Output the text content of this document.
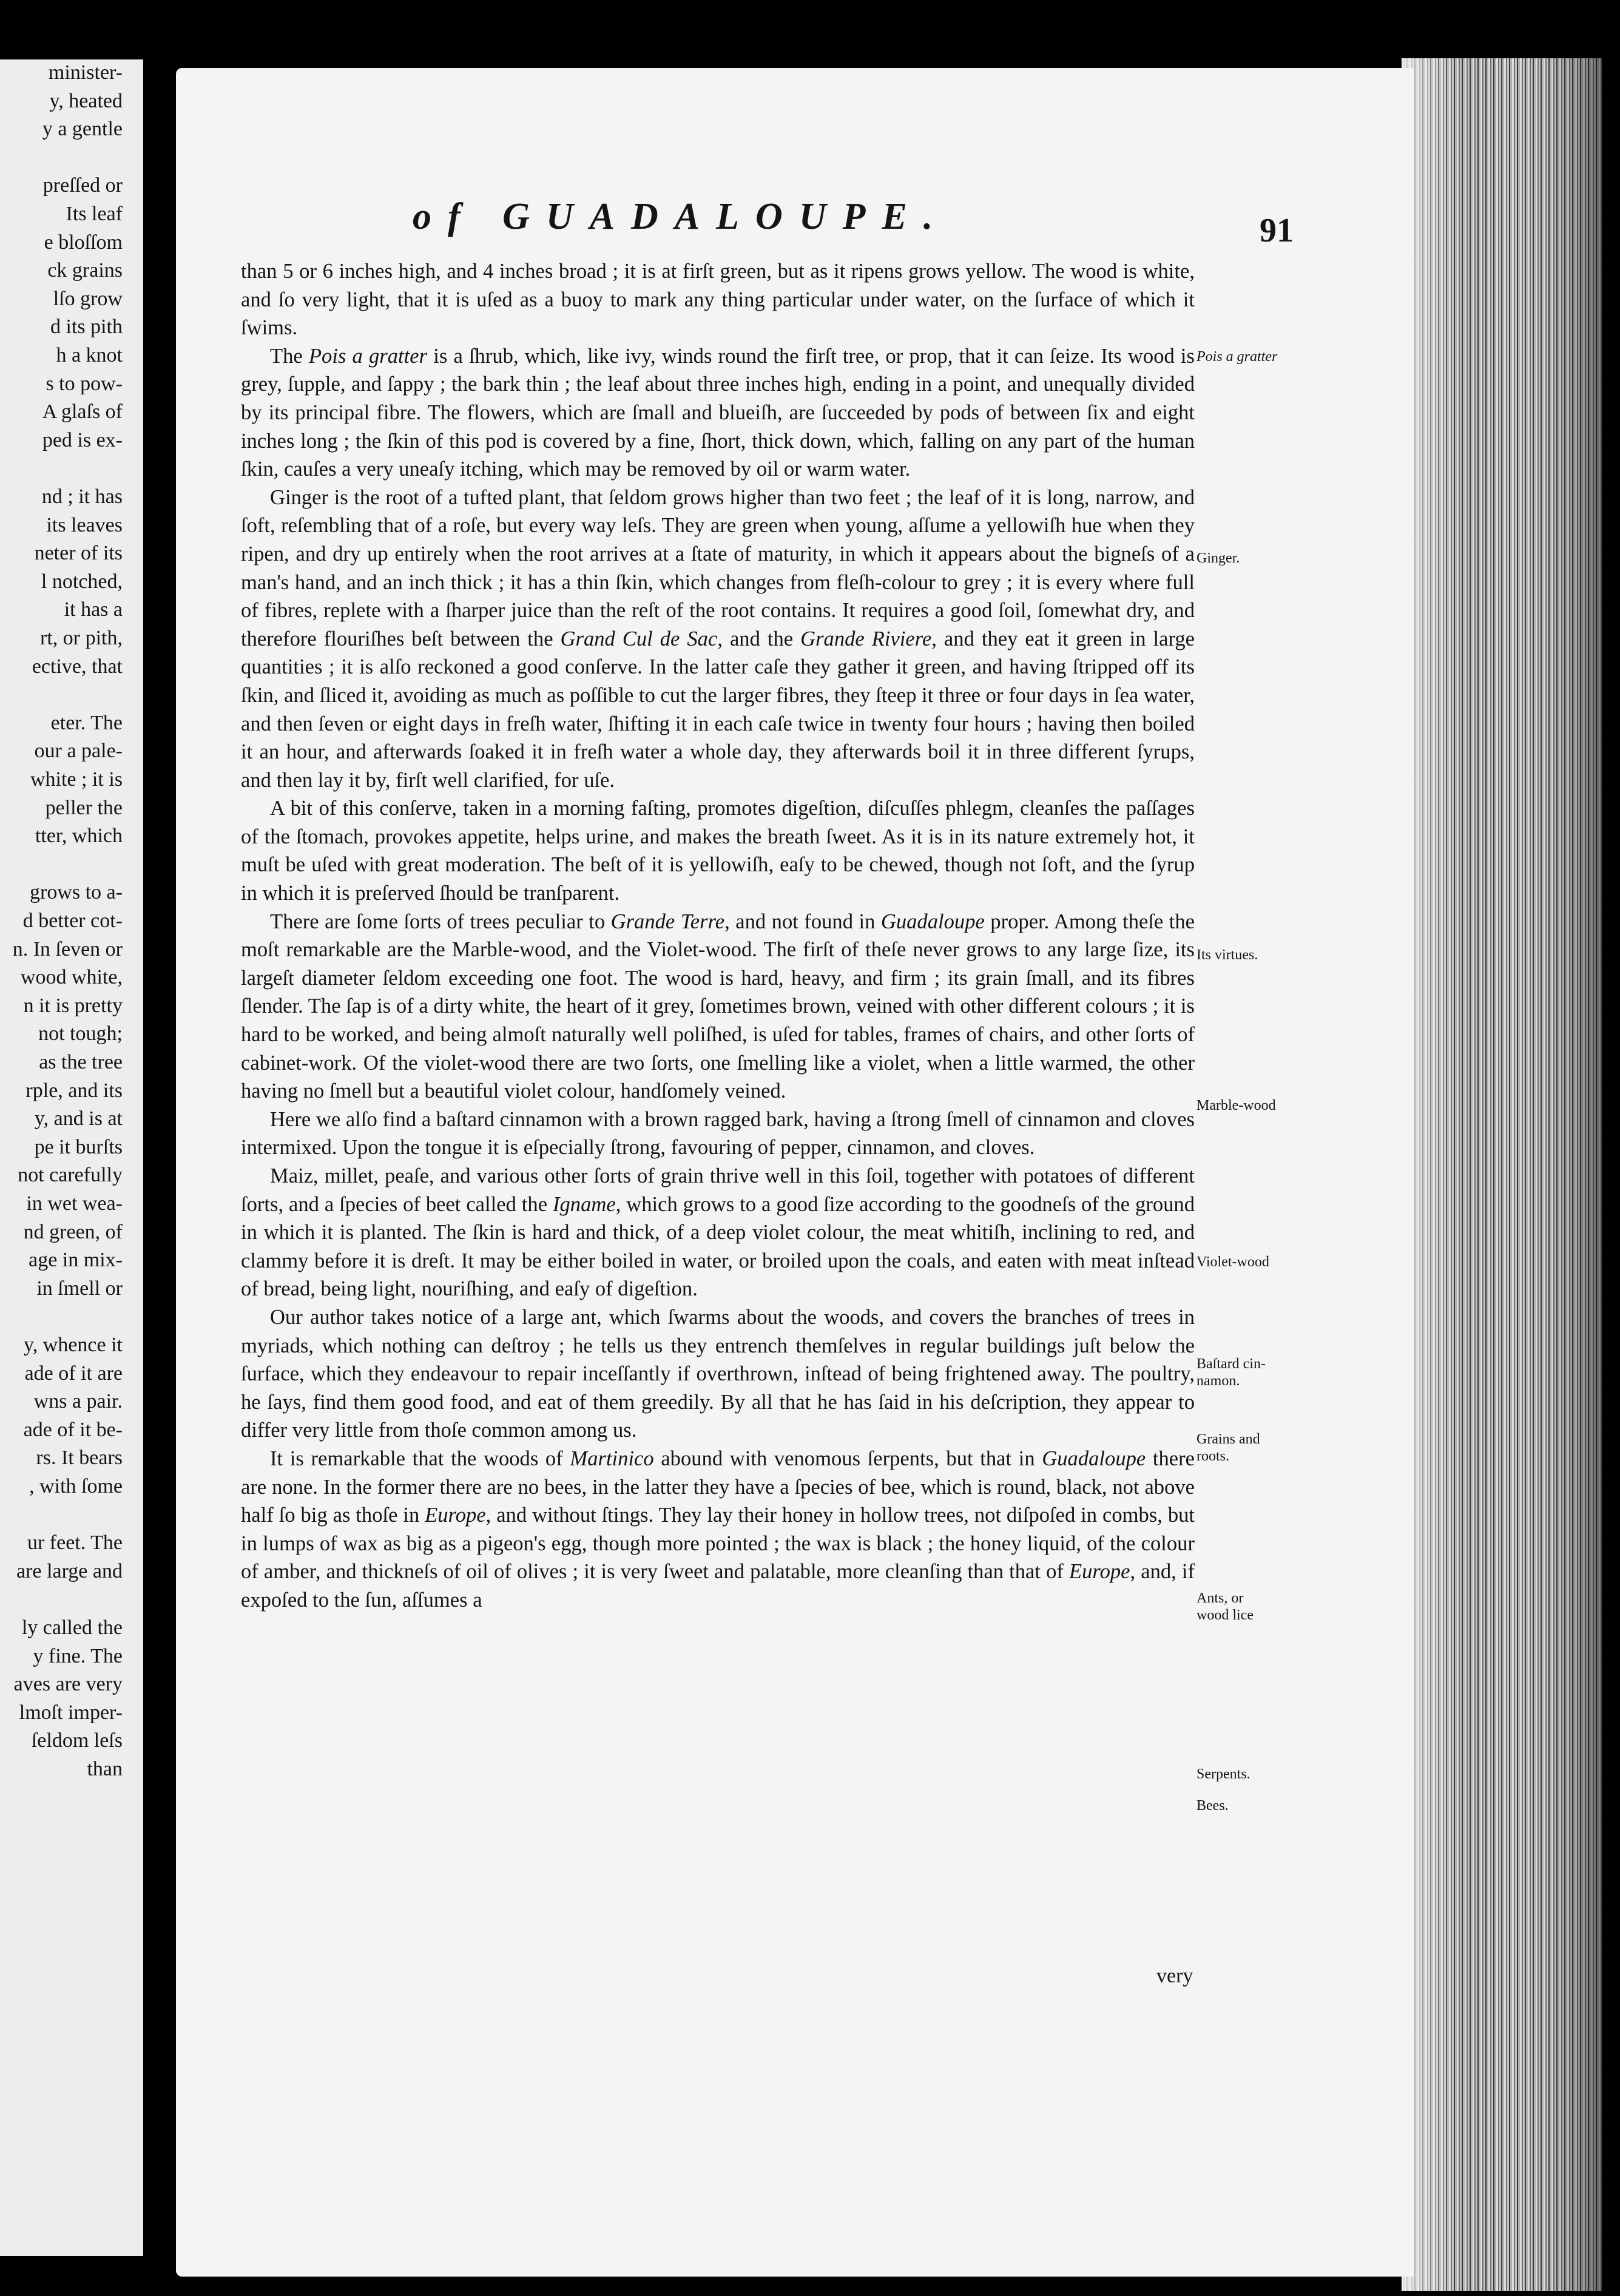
minister-
y, heated
y a gentle
preſſed or
Its leaf
e bloſſom
ck grains
lſo grow
d its pith
h a knot
s to pow-
A glaſs of
ped is ex-
nd ; it has
its leaves
neter of its
l notched,
it has a
rt, or pith,
ective, that
eter. The
our a pale-
white ; it is
peller the
tter, which
grows to a-
d better cot-
n. In ſeven or
wood white,
n it is pretty
not tough;
as the tree
rple, and its
y, and is at
pe it burſts
not carefully
in wet wea-
nd green, of
age in mix-
in ſmell or
y, whence it
ade of it are
wns a pair.
ade of it be-
rs. It bears
, with ſome
ur feet. The
are large and
ly called the
y fine. The
aves are very
lmoſt imper-
ſeldom leſs
than
of GUADALOUPE.	91

than 5 or 6 inches high, and 4 inches broad ; it is at firſt green, but as it ripens grows yellow. The wood is white, and ſo very light, that it is uſed as a buoy to mark any thing particular under water, on the ſurface of which it ſwims.

The Pois a gratter is a ſhrub, which, like ivy, winds round the firſt tree, or prop, that it can ſeize. Its wood is grey, ſupple, and ſappy ; the bark thin ; the leaf about three inches high, ending in a point, and unequally divided by its principal fibre. The flowers, which are ſmall and blueiſh, are ſucceeded by pods of between ſix and eight inches long ; the ſkin of this pod is covered by a fine, ſhort, thick down, which, falling on any part of the human ſkin, cauſes a very uneaſy itching, which may be removed by oil or warm water.

Ginger is the root of a tufted plant, that ſeldom grows higher than two feet ; the leaf of it is long, narrow, and ſoft, reſembling that of a roſe, but every way leſs. They are green when young, aſſume a yellowiſh hue when they ripen, and dry up entirely when the root arrives at a ſtate of maturity, in which it appears about the bigneſs of a man's hand, and an inch thick ; it has a thin ſkin, which changes from fleſh-colour to grey ; it is every where full of fibres, replete with a ſharper juice than the reſt of the root contains. It requires a good ſoil, ſomewhat dry, and therefore flouriſhes beſt between the Grand Cul de Sac, and the Grande Riviere, and they eat it green in large quantities ; it is alſo reckoned a good conſerve. In the latter caſe they gather it green, and having ſtripped off its ſkin, and ſliced it, avoiding as much as poſſible to cut the larger fibres, they ſteep it three or four days in ſea water, and then ſeven or eight days in freſh water, ſhifting it in each caſe twice in twenty four hours ; having then boiled it an hour, and afterwards ſoaked it in freſh water a whole day, they afterwards boil it in three different ſyrups, and then lay it by, firſt well clarified, for uſe.

A bit of this conſerve, taken in a morning faſting, promotes digeſtion, diſcuſſes phlegm, cleanſes the paſſages of the ſtomach, provokes appetite, helps urine, and makes the breath ſweet. As it is in its nature extremely hot, it muſt be uſed with great moderation. The beſt of it is yellowiſh, eaſy to be chewed, though not ſoft, and the ſyrup in which it is preſerved ſhould be tranſparent.

There are ſome ſorts of trees peculiar to Grande Terre, and not found in Guadaloupe proper. Among theſe the moſt remarkable are the Marble-wood, and the Violet-wood. The firſt of theſe never grows to any large ſize, its largeſt diameter ſeldom exceeding one foot. The wood is hard, heavy, and firm ; its grain ſmall, and its fibres ſlender. The ſap is of a dirty white, the heart of it grey, ſometimes brown, veined with other different colours ; it is hard to be worked, and being almoſt naturally well poliſhed, is uſed for tables, frames of chairs, and other ſorts of cabinet-work. Of the violet-wood there are two ſorts, one ſmelling like a violet, when a little warmed, the other having no ſmell but a beautiful violet colour, handſomely veined.

Here we alſo find a baſtard cinnamon with a brown ragged bark, having a ſtrong ſmell of cinnamon and cloves intermixed. Upon the tongue it is eſpecially ſtrong, favouring of pepper, cinnamon, and cloves.

Maiz, millet, peaſe, and various other ſorts of grain thrive well in this ſoil, together with potatoes of different ſorts, and a ſpecies of beet called the Igname, which grows to a good ſize according to the goodneſs of the ground in which it is planted. The ſkin is hard and thick, of a deep violet colour, the meat whitiſh, inclining to red, and clammy before it is dreſt. It may be either boiled in water, or broiled upon the coals, and eaten with meat inſtead of bread, being light, nouriſhing, and eaſy of digeſtion.

Our author takes notice of a large ant, which ſwarms about the woods, and covers the branches of trees in myriads, which nothing can deſtroy ; he tells us they entrench themſelves in regular buildings juſt below the ſurface, which they endeavour to repair inceſſantly if overthrown, inſtead of being frightened away. The poultry, he ſays, find them good food, and eat of them greedily. By all that he has ſaid in his deſcription, they appear to differ very little from thoſe common among us.

It is remarkable that the woods of Martinico abound with venomous ſerpents, but that in Guadaloupe there are none. In the former there are no bees, in the latter they have a ſpecies of bee, which is round, black, not above half ſo big as thoſe in Europe, and without ſtings. They lay their honey in hollow trees, not diſpoſed in combs, but in lumps of wax as big as a pigeon's egg, though more pointed ; the wax is black ; the honey liquid, of the colour of amber, and thickneſs of oil of olives ; it is very ſweet and palatable, more cleanſing than that of Europe, and, if expoſed to the ſun, aſſumes a

Pois a gratter
Ginger.
Its virtues.
Marble-wood
Violet-wood
Baſtard cin-
namon.
Grains and
roots.
Ants, or
wood lice
Serpents.
Bees.
very
